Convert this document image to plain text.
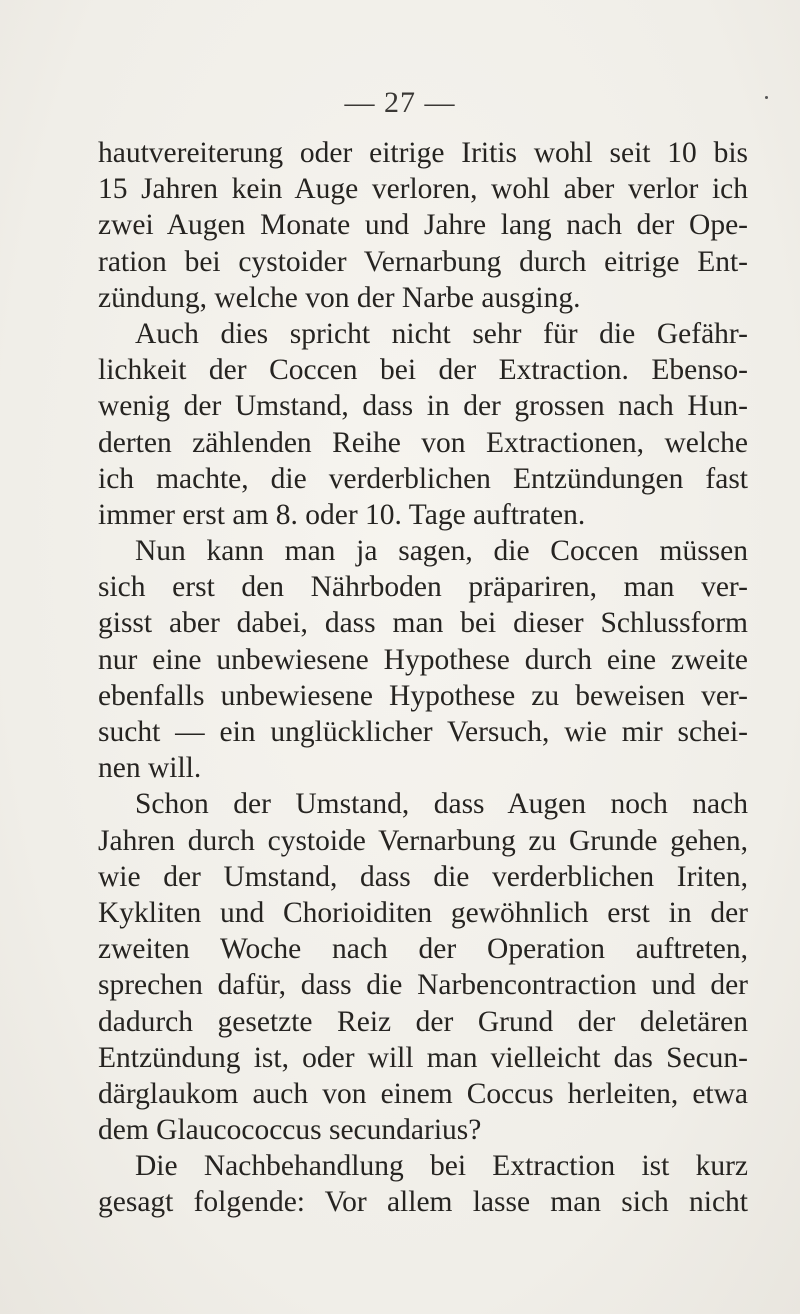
— 27 —
hautvereiterung oder eitrige Iritis wohl seit 10 bis
15 Jahren kein Auge verloren, wohl aber verlor ich
zwei Augen Monate und Jahre lang nach der Ope-
ration bei cystoider Vernarbung durch eitrige Ent-
zündung, welche von der Narbe ausging.
Auch dies spricht nicht sehr für die Gefähr-
lichkeit der Coccen bei der Extraction. Ebenso-
wenig der Umstand, dass in der grossen nach Hun-
derten zählenden Reihe von Extractionen, welche
ich machte, die verderblichen Entzündungen fast
immer erst am 8. oder 10. Tage auftraten.
Nun kann man ja sagen, die Coccen müssen
sich erst den Nährboden präpariren, man ver-
gisst aber dabei, dass man bei dieser Schlussform
nur eine unbewiesene Hypothese durch eine zweite
ebenfalls unbewiesene Hypothese zu beweisen ver-
sucht — ein unglücklicher Versuch, wie mir schei-
nen will.
Schon der Umstand, dass Augen noch nach
Jahren durch cystoide Vernarbung zu Grunde gehen,
wie der Umstand, dass die verderblichen Iriten,
Kykliten und Chorioiditen gewöhnlich erst in der
zweiten Woche nach der Operation auftreten,
sprechen dafür, dass die Narbencontraction und der
dadurch gesetzte Reiz der Grund der deletären
Entzündung ist, oder will man vielleicht das Secun-
därglaukom auch von einem Coccus herleiten, etwa
dem Glaucococcus secundarius?
Die Nachbehandlung bei Extraction ist kurz
gesagt folgende: Vor allem lasse man sich nicht
